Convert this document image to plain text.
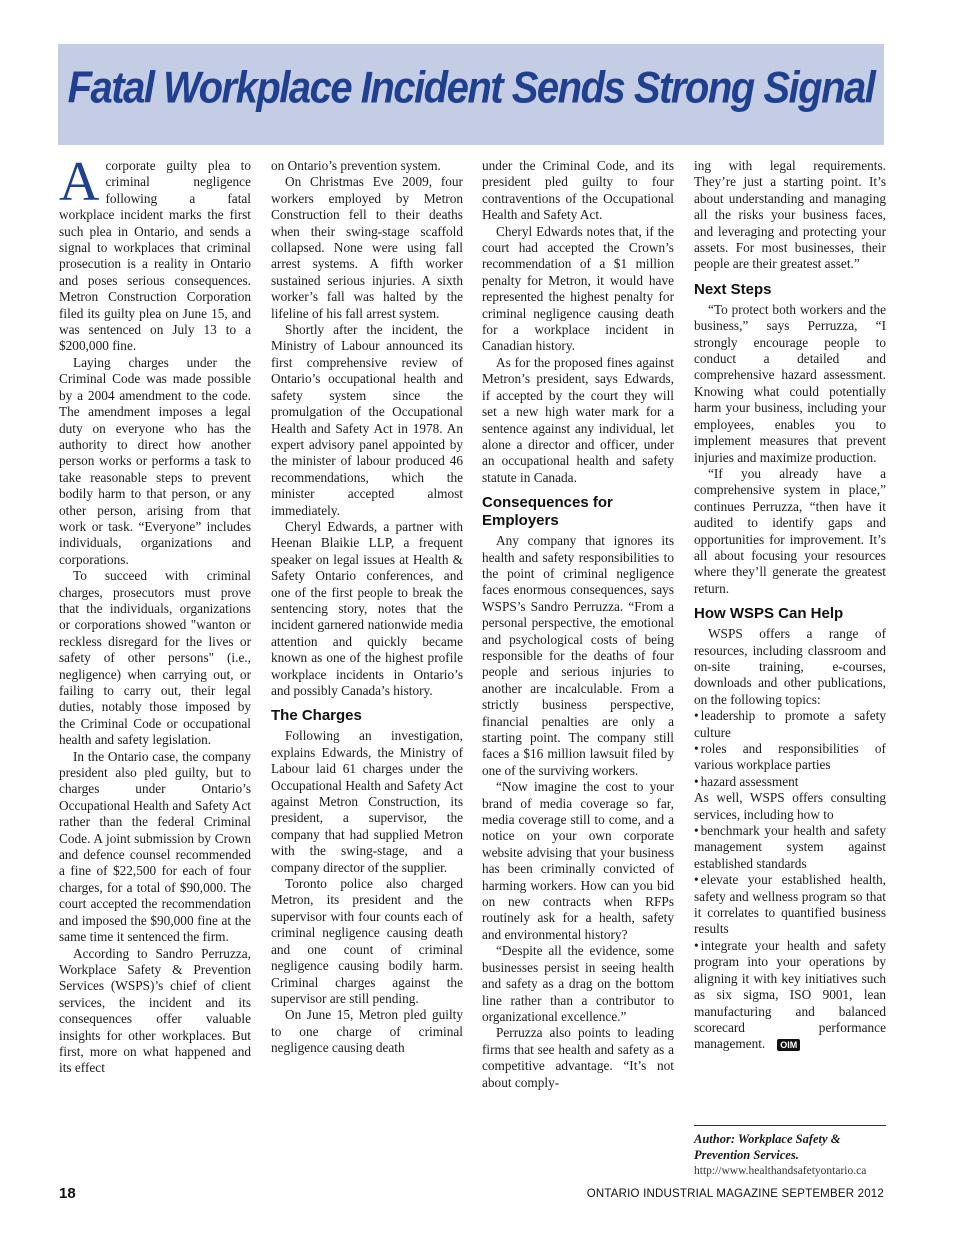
Fatal Workplace Incident Sends Strong Signal

Acorporate guilty plea to criminal negligence following a fatal workplace incident marks the first such plea in Ontario, and sends a signal to workplaces that criminal prosecution is a reality in Ontario and poses serious consequences. Metron Construction Corporation filed its guilty plea on June 15, and was sentenced on July 13 to a $200,000 fine.

Laying charges under the Criminal Code was made possible by a 2004 amendment to the code. The amendment imposes a legal duty on everyone who has the authority to direct how another person works or performs a task to take reasonable steps to prevent bodily harm to that person, or any other person, arising from that work or task. “Everyone” includes individuals, organizations and corporations.

To succeed with criminal charges, prosecutors must prove that the individuals, organizations or corporations showed "wanton or reckless disregard for the lives or safety of other persons" (i.e., negligence) when carrying out, or failing to carry out, their legal duties, notably those imposed by the Criminal Code or occupational health and safety legislation.

In the Ontario case, the company president also pled guilty, but to charges under Ontario’s Occupational Health and Safety Act rather than the federal Criminal Code. A joint submission by Crown and defence counsel recommended a fine of $22,500 for each of four charges, for a total of $90,000. The court accepted the recommendation and imposed the $90,000 fine at the same time it sentenced the firm.

According to Sandro Perruzza, Workplace Safety & Prevention Services (WSPS)’s chief of client services, the incident and its consequences offer valuable insights for other workplaces. But first, more on what happened and its effect

on Ontario’s prevention system.

On Christmas Eve 2009, four workers employed by Metron Construction fell to their deaths when their swing-stage scaffold collapsed. None were using fall arrest systems. A fifth worker sustained serious injuries. A sixth worker’s fall was halted by the lifeline of his fall arrest system.

Shortly after the incident, the Ministry of Labour announced its first comprehensive review of Ontario’s occupational health and safety system since the promulgation of the Occupational Health and Safety Act in 1978. An expert advisory panel appointed by the minister of labour produced 46 recommendations, which the minister accepted almost immediately.

Cheryl Edwards, a partner with Heenan Blaikie LLP, a frequent speaker on legal issues at Health & Safety Ontario conferences, and one of the first people to break the sentencing story, notes that the incident garnered nationwide media attention and quickly became known as one of the highest profile workplace incidents in Ontario’s and possibly Canada’s history.

The Charges

Following an investigation, explains Edwards, the Ministry of Labour laid 61 charges under the Occupational Health and Safety Act against Metron Construction, its president, a supervisor, the company that had supplied Metron with the swing-stage, and a company director of the supplier.

Toronto police also charged Metron, its president and the supervisor with four counts each of criminal negligence causing death and one count of criminal negligence causing bodily harm. Criminal charges against the supervisor are still pending.

On June 15, Metron pled guilty to one charge of criminal negligence causing death

under the Criminal Code, and its president pled guilty to four contraventions of the Occupational Health and Safety Act.

Cheryl Edwards notes that, if the court had accepted the Crown’s recommendation of a $1 million penalty for Metron, it would have represented the highest penalty for criminal negligence causing death for a workplace incident in Canadian history.

As for the proposed fines against Metron’s president, says Edwards, if accepted by the court they will set a new high water mark for a sentence against any individual, let alone a director and officer, under an occupational health and safety statute in Canada.

Consequences for Employers

Any company that ignores its health and safety responsibilities to the point of criminal negligence faces enormous consequences, says WSPS’s Sandro Perruzza. “From a personal perspective, the emotional and psychological costs of being responsible for the deaths of four people and serious injuries to another are incalculable. From a strictly business perspective, financial penalties are only a starting point. The company still faces a $16 million lawsuit filed by one of the surviving workers.

“Now imagine the cost to your brand of media coverage so far, media coverage still to come, and a notice on your own corporate website advising that your business has been criminally convicted of harming workers. How can you bid on new contracts when RFPs routinely ask for a health, safety and environmental history?

“Despite all the evidence, some businesses persist in seeing health and safety as a drag on the bottom line rather than a contributor to organizational excellence.”

Perruzza also points to leading firms that see health and safety as a competitive advantage. “It’s not about comply-

ing with legal requirements. They’re just a starting point. It’s about understanding and managing all the risks your business faces, and leveraging and protecting your assets. For most businesses, their people are their greatest asset.”

Next Steps

“To protect both workers and the business,” says Perruzza, “I strongly encourage people to conduct a detailed and comprehensive hazard assessment. Knowing what could potentially harm your business, including your employees, enables you to implement measures that prevent injuries and maximize production.

“If you already have a comprehensive system in place,” continues Perruzza, “then have it audited to identify gaps and opportunities for improvement. It’s all about focusing your resources where they’ll generate the greatest return.

How WSPS Can Help

WSPS offers a range of resources, including classroom and on-site training, e-courses, downloads and other publications, on the following topics:

• leadership to promote a safety culture
• roles and responsibilities of various workplace parties
• hazard assessment

As well, WSPS offers consulting services, including how to

• benchmark your health and safety management system against established standards
• elevate your established health, safety and wellness program so that it correlates to quantified business results
• integrate your health and safety program into your operations by aligning it with key initiatives such as six sigma, ISO 9001, lean manufacturing and balanced scorecard performance management. OIM
Author: Workplace Safety & Prevention Services.
http://www.healthandsafetyontario.ca
18	ONTARIO INDUSTRIAL MAGAZINE SEPTEMBER 2012
